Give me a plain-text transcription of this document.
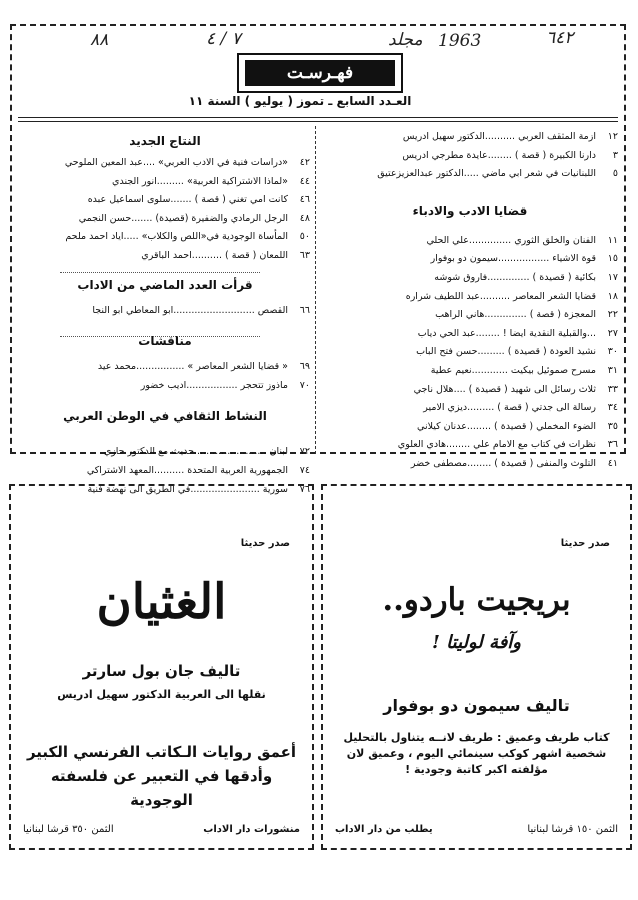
٦٤٢
1963
مجلد
٧ / ٤
٨٨
فهـرسـت
العـدد السابع ـ تموز ( يوليو ) السنة ١١
١٢
ازمة المثقف العربي ..........الدكتور سهيل ادريس
٣
دارنا الكبيرة ( قصة ) ........عايدة مطرجي ادريس
٥
اللبنانيات في شعر ابي ماضي .....الدكتور عبدالعزيزعتيق
قضايا الادب والادباء
١١
الفنان والخلق الثوري ..............علي الحلي
١٥
قوة الاشياء .................سيمون دو بوفوار
١٧
بكائية ( قصيدة ) ..............فاروق شوشه
١٨
قضايا الشعر المعاصر ..........عبد اللطيف شراره
٢٢
المعجزة ( قصة ) ..............هاني الراهب
٢٧
...والقبلية النقدية ايضا ! ........عبد الحي دياب
٣٠
نشيد العودة ( قصيدة ) .........حسن فتح الباب
٣١
مسرح صموئيل بيكيت ............نعيم عطية
٣٣
ثلاث رسائل الى شهيد ( قصيدة ) ....هلال ناجي
٣٤
رسالة الى جدتي ( قصة ) .........ديزي الامير
٣٥
الضوء المخملي ( قصيدة ) ........عدنان كيلاني
٣٦
نظرات في كتاب مع الامام علي ........هادي العلوي
٤١
التلوث والمنفى ( قصيدة ) ........مصطفى خضر
النتاج الجديد
٤٢
«دراسات فنية في الادب العربي» ....عبد المعين الملوحي
٤٤
«لماذا الاشتراكية العربية» .........انور الجندي
٤٦
كانت امي تغني ( قصة ) .......سلوى اسماعيل عبده
٤٨
الرجل الرمادي والضفيرة (قصيدة) .......حسن النجمي
٥٠
المأساة الوجودية في«اللص والكلاب» .....اياد احمد ملحم
٦٣
اللمعان ( قصة ) ..........احمد الباقري
قرأت العدد الماضي من الاداب
٦٦
القصص ...........................ابو المعاطي ابو النجا
مناقشات
٦٩
« قضايا الشعر المعاصر » ................محمد عيد
٧٠
ماذوز تتحجر .................اديب خضور
النشاط الثقافي في الوطن العربي
٧٢
لبنان ........................حديث مع الدكتور حازي
٧٤
الجمهورية العربية المتحدة ..........المعهد الاشتراكي
٧٦
سورية .......................في الطريق الى نهضة فنية
صدر حديثا
بريجيت باردو..
وآفة لوليتا !
تاليف سيمون دو بوفوار
كتاب طريف وعميق : طريف لانــه يتناول بالتحليل
شخصية اشهر كوكب سينمائي اليوم ، وعميق لان
مؤلفته اكبر كاتبة وجودية !
الثمن ١٥٠ قرشا لبنانيا
يطلب من دار الاداب
صدر حديثا
الغثيان
تاليف جان بول سارتر
نقلها الى العربية الدكتور سهيل ادريس
أعمق روايات الـكاتب الفرنسي الكبير
وأدقها في التعبير عن فلسفته الوجودية
منشورات دار الاداب
الثمن ٣٥٠ قرشا لبنانيا
